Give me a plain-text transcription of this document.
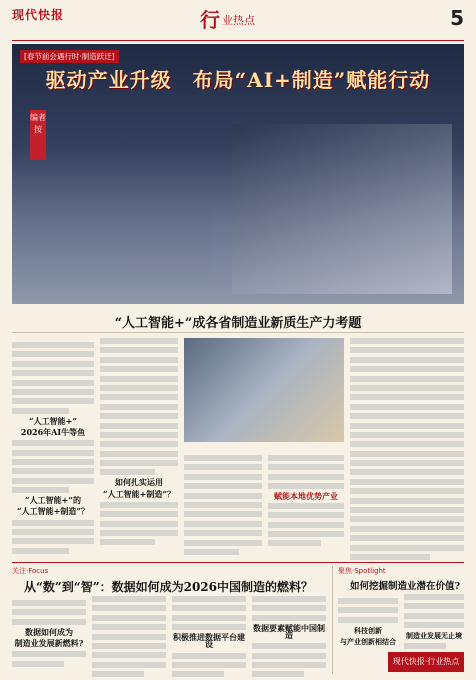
现代快报	行 业热点	5
[春节前会遇行时·制造跃迁]
驱动产业升级　布局“AI+制造”赋能行动
编者按
“人工智能+”成各省制造业新质生产力考题
“人工智能+”
2026年AI牛等鱼
“人工智能+”的
“人工智能+制造”？
如何扎实运用
“人工智能+制造”？	赋能本地优势产业
关注·Focus
从“数”到“智”：数据如何成为2026中国制造的燃料？
数据如何成为
制造业发展新燃料?
积极推进数据平台建设
数据要素赋能中国制造
聚焦·Spotlight
如何挖掘制造业潜在价值?
科技创新
与产业创新相结合
制造业发展无止境
现代快报·行业热点
